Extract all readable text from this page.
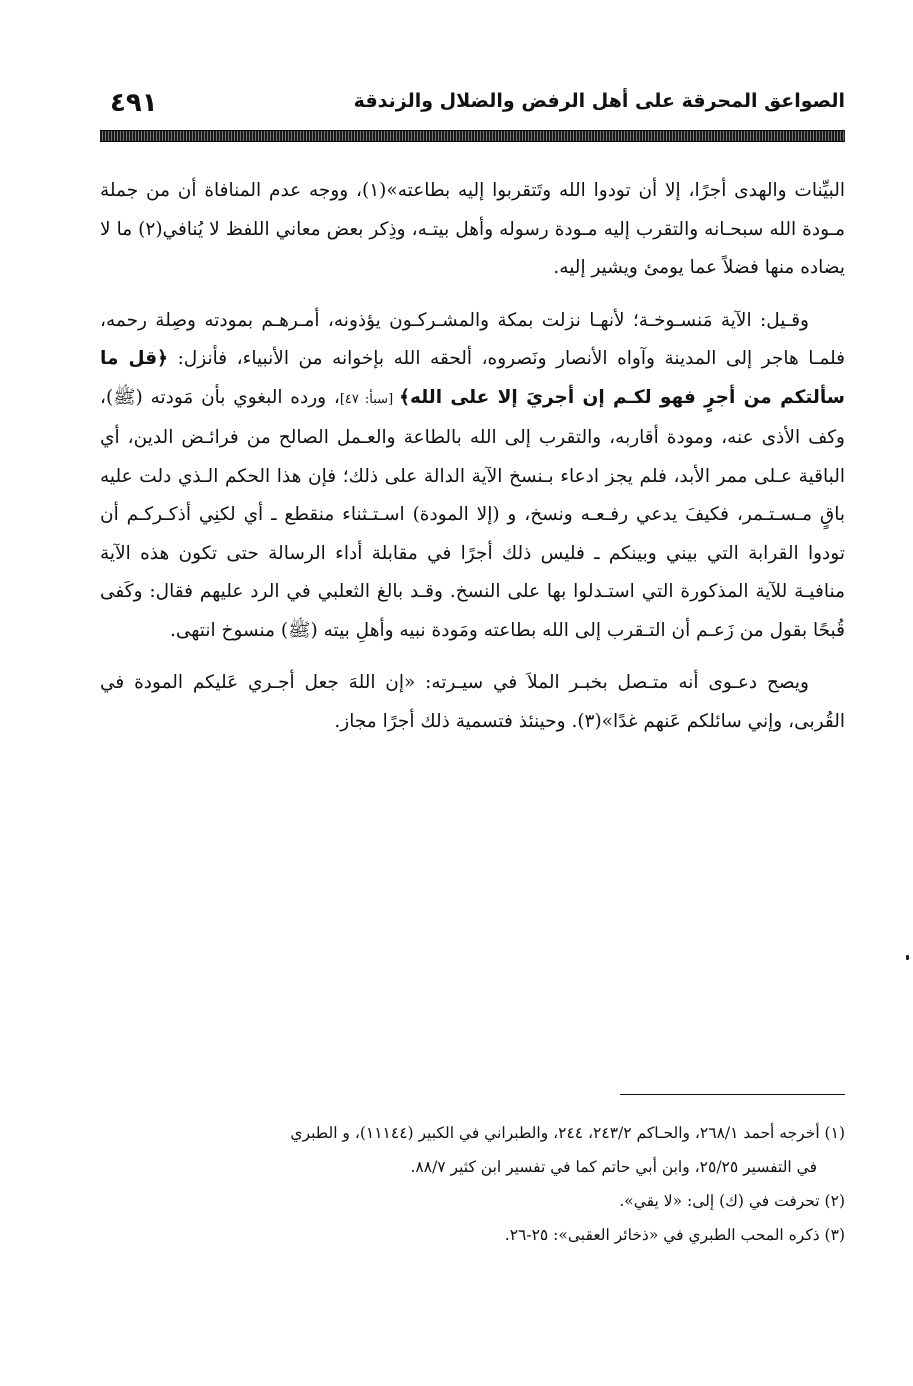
الصواعق المحرقة على أهل الرفض والضلال والزندقة
٤٩١

البيِّنات والهدى أجرًا، إلا أن تودوا الله وتَتقربوا إليه بطاعته»(١)، ووجه عدم المنافاة أن من جملة مـودة الله سبحـانه والتقرب إليه مـودة رسوله وأهل بيتـه، وذِكر بعض معاني اللفظ لا يُنافي(٢) ما لا يضاده منها فضلاً عما يومئ ويشير إليه.

وقـيل: الآية مَنسـوخـة؛ لأنهـا نزلت بمكة والمشـركـون يؤذونه، أمـرهـم بمودته وصِلة رحمه، فلمـا هاجر إلى المدينة وآواه الأنصار ونَصروه، ألحقه الله بإخوانه من الأنبياء، فأنزل: ﴿قل ما سألتكم من أجرٍ فهو لكـم إن أجريَ إلا على الله﴾ [سبأ: ٤٧]، ورده البغوي بأن مَودته (ﷺ)، وكف الأذى عنه، ومودة أقاربه، والتقرب إلى الله بالطاعة والعـمل الصالح من فرائـض الدين، أي الباقية عـلى ممر الأبد، فلم يجز ادعاء بـنسخ الآية الدالة على ذلك؛ فإن هذا الحكم الـذي دلت عليه باقٍ مـسـتـمر، فكيفَ يدعي رفـعـه ونسخ، و (إلا المودة) اسـتـثناء منقطع ـ أي لكنِي أذكـركـم أن تودوا القرابة التي بيني وبينكم ـ فليس ذلك أجرًا في مقابلة أداء الرسالة حتى تكون هذه الآية منافيـة للآية المذكورة التي استـدلوا بها على النسخ. وقـد بالغ الثعلبي في الرد عليهم فقال: وكَفى قُبحًا بقول من زَعـم أن التـقرب إلى الله بطاعته ومَودة نبيه وأهلِ بيته (ﷺ) منسوخ انتهى.

ويصح دعـوى أنه متـصل بخبـر الملاَ في سيـرته: «إن اللهَ جعل أجـري عَليكم المودة في القُربى، وإني سائلكم عَنهم غدًا»(٣). وحينئذ فتسمية ذلك أجرًا مجاز.

(١) أخرجه أحمد ٢٦٨/١، والحـاكم ٢٤٣/٢، ٢٤٤، والطبراني في الكبير (١١١٤٤)، و الطبري

في التفسير ٢٥/٢٥، وابن أبي حاتم كما في تفسير ابن كثير ٨٨/٧.

(٢) تحرفت في (ك) إلى: «لا يقي».

(٣) ذكره المحب الطبري في «ذخائر العقبى»: ٢٥-٢٦.
